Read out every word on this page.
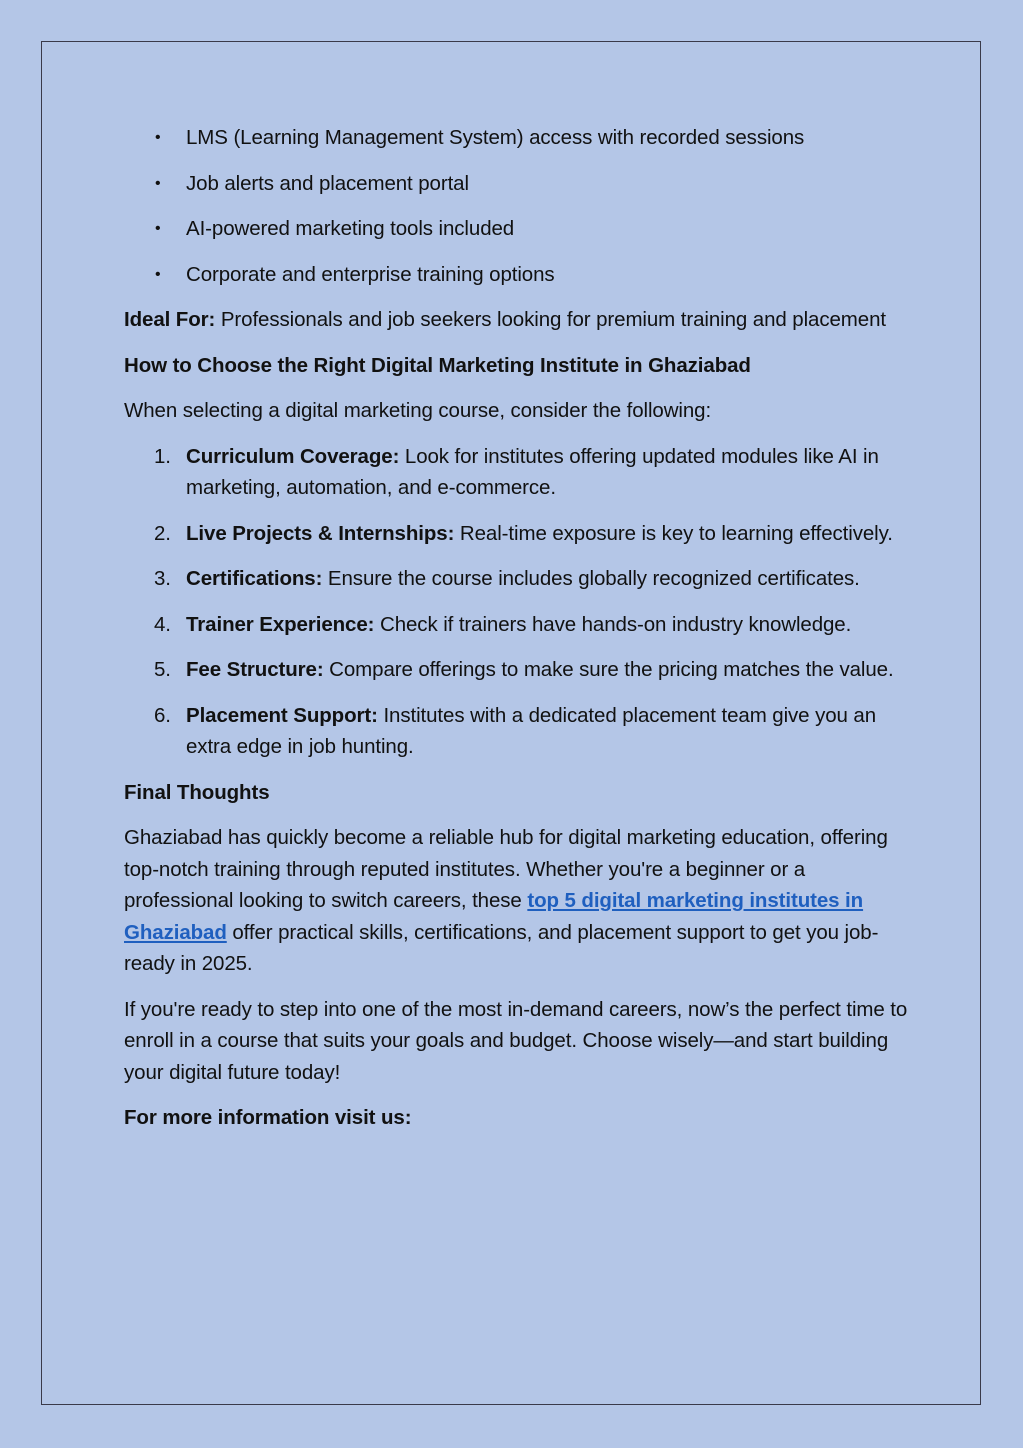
• LMS (Learning Management System) access with recorded sessions
• Job alerts and placement portal
• AI-powered marketing tools included
• Corporate and enterprise training options

Ideal For: Professionals and job seekers looking for premium training and placement

How to Choose the Right Digital Marketing Institute in Ghaziabad

When selecting a digital marketing course, consider the following:

1. Curriculum Coverage: Look for institutes offering updated modules like AI in marketing, automation, and e-commerce.
2. Live Projects & Internships: Real-time exposure is key to learning effectively.
3. Certifications: Ensure the course includes globally recognized certificates.
4. Trainer Experience: Check if trainers have hands-on industry knowledge.
5. Fee Structure: Compare offerings to make sure the pricing matches the value.
6. Placement Support: Institutes with a dedicated placement team give you an extra edge in job hunting.

Final Thoughts

Ghaziabad has quickly become a reliable hub for digital marketing education, offering top-notch training through reputed institutes. Whether you're a beginner or a professional looking to switch careers, these top 5 digital marketing institutes in Ghaziabad offer practical skills, certifications, and placement support to get you job-ready in 2025.

If you're ready to step into one of the most in-demand careers, now’s the perfect time to enroll in a course that suits your goals and budget. Choose wisely—and start building your digital future today!

For more information visit us:
